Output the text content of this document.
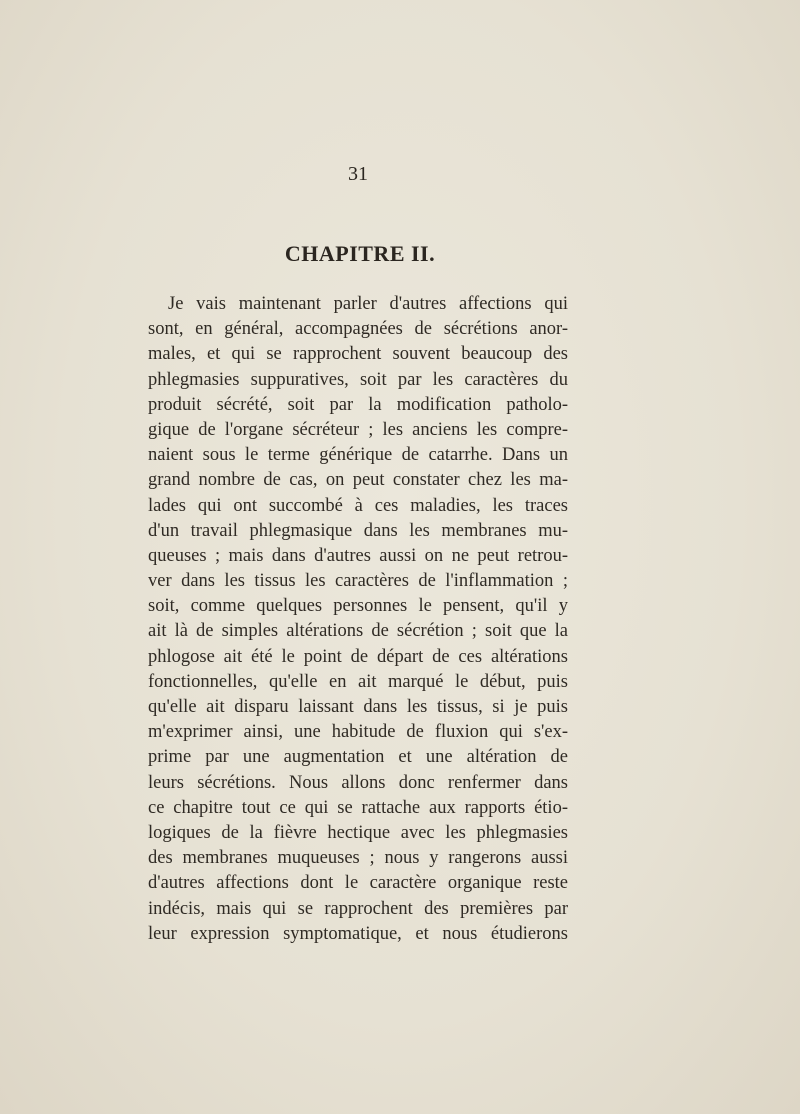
31
CHAPITRE II.
Je vais maintenant parler d'autres affections qui
sont, en général, accompagnées de sécrétions anor-
males, et qui se rapprochent souvent beaucoup des
phlegmasies suppuratives, soit par les caractères du
produit sécrété, soit par la modification patholo-
gique de l'organe sécréteur ; les anciens les compre-
naient sous le terme générique de catarrhe. Dans un
grand nombre de cas, on peut constater chez les ma-
lades qui ont succombé à ces maladies, les traces
d'un travail phlegmasique dans les membranes mu-
queuses ; mais dans d'autres aussi on ne peut retrou-
ver dans les tissus les caractères de l'inflammation ;
soit, comme quelques personnes le pensent, qu'il y
ait là de simples altérations de sécrétion ; soit que la
phlogose ait été le point de départ de ces altérations
fonctionnelles, qu'elle en ait marqué le début, puis
qu'elle ait disparu laissant dans les tissus, si je puis
m'exprimer ainsi, une habitude de fluxion qui s'ex-
prime par une augmentation et une altération de
leurs sécrétions. Nous allons donc renfermer dans
ce chapitre tout ce qui se rattache aux rapports étio-
logiques de la fièvre hectique avec les phlegmasies
des membranes muqueuses ; nous y rangerons aussi
d'autres affections dont le caractère organique reste
indécis, mais qui se rapprochent des premières par
leur expression symptomatique, et nous étudierons
